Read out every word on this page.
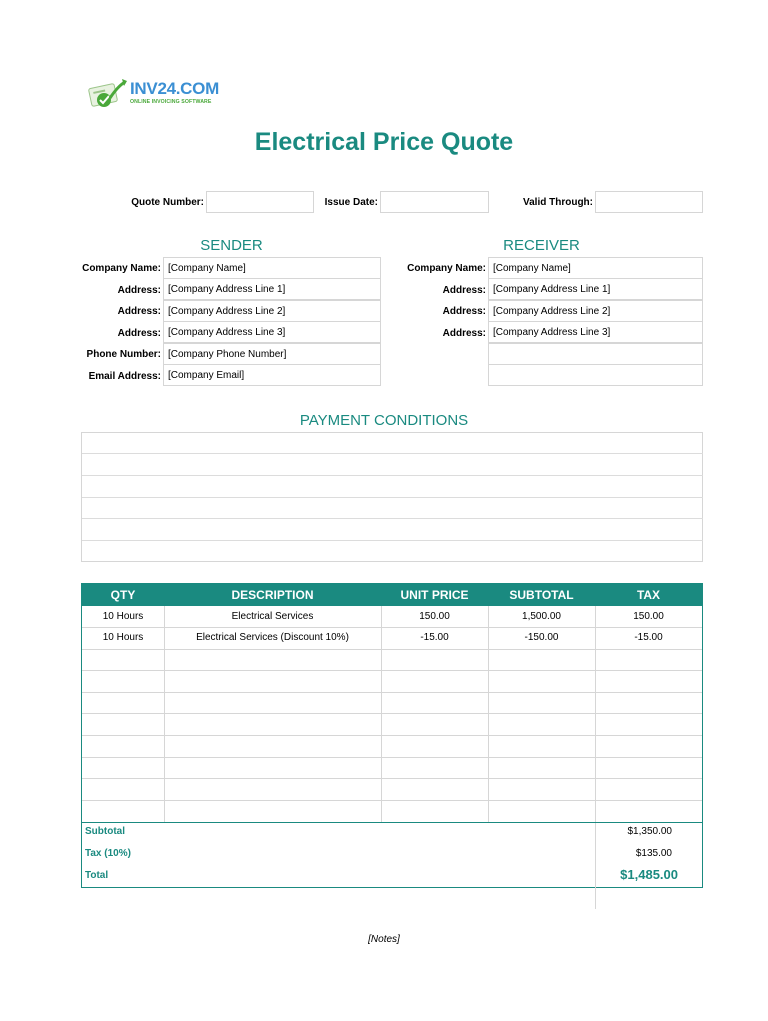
INV24.COM
ONLINE INVOICING SOFTWARE
Electrical Price Quote
Quote Number:	Issue Date:	Valid Through:
SENDER	RECEIVER
Company Name: [Company Name]
Address: [Company Address Line 1]
Address: [Company Address Line 2]
Address: [Company Address Line 3]
Phone Number: [Company Phone Number]
Email Address: [Company Email]
Company Name: [Company Name]
Address: [Company Address Line 1]
Address: [Company Address Line 2]
Address: [Company Address Line 3]
PAYMENT CONDITIONS
QTY	DESCRIPTION	UNIT PRICE	SUBTOTAL	TAX
10 Hours	Electrical Services	150.00	1,500.00	150.00
10 Hours	Electrical Services (Discount 10%)	-15.00	-150.00	-15.00
Subtotal	$1,350.00
Tax (10%)	$135.00
Total	$1,485.00
[Notes]
